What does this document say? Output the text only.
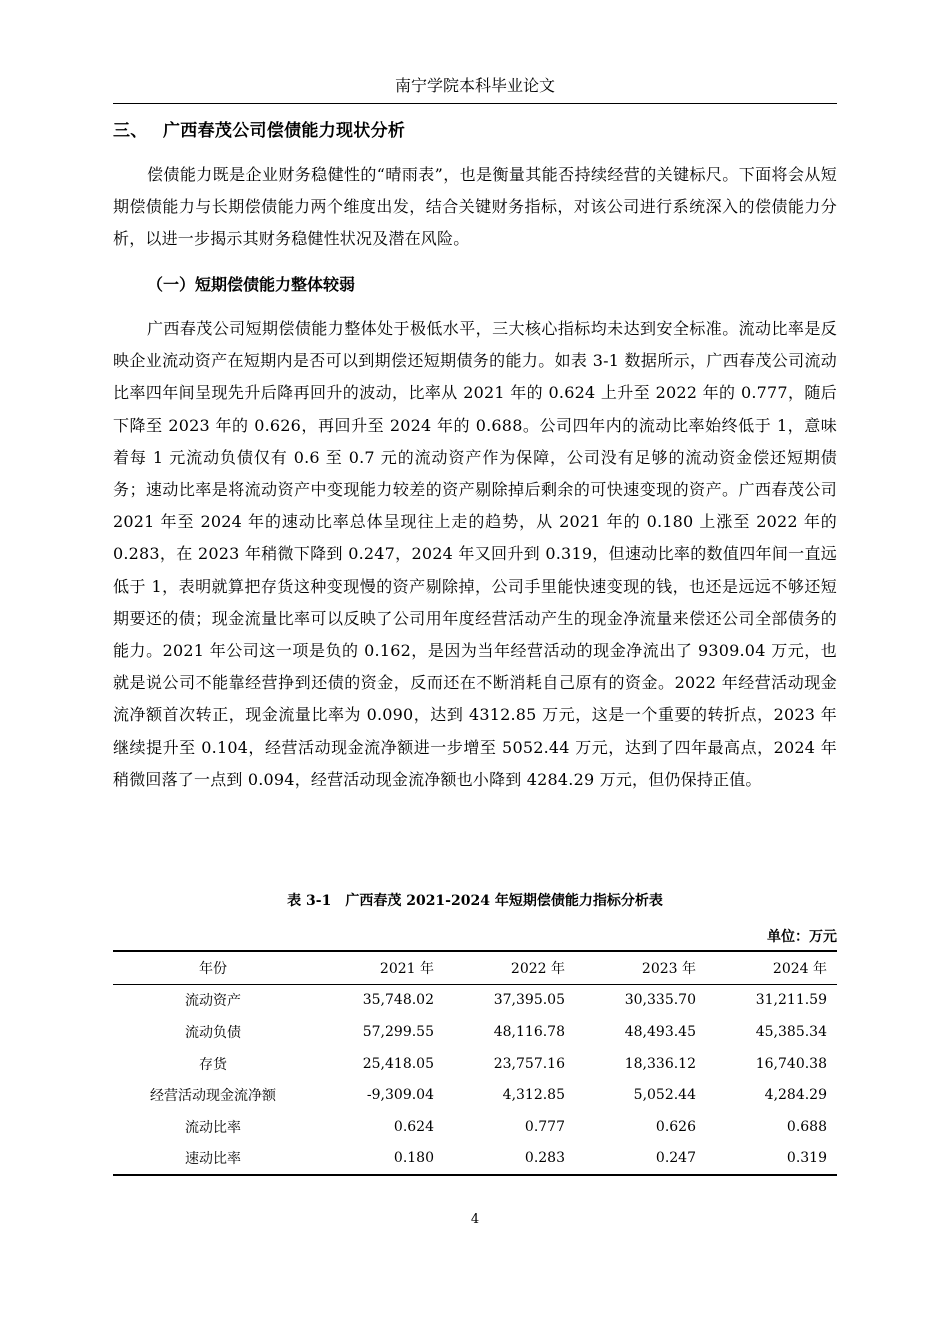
南宁学院本科毕业论文
三、 广西春茂公司偿债能力现状分析

偿债能力既是企业财务稳健性的“晴雨表”，也是衡量其能否持续经营的关键标尺。下面将会从短期偿债能力与长期偿债能力两个维度出发，结合关键财务指标，对该公司进行系统深入的偿债能力分析，以进一步揭示其财务稳健性状况及潜在风险。

（一）短期偿债能力整体较弱

广西春茂公司短期偿债能力整体处于极低水平，三大核心指标均未达到安全标准。流动比率是反映企业流动资产在短期内是否可以到期偿还短期债务的能力。如表 3-1 数据所示，广西春茂公司流动比率四年间呈现先升后降再回升的波动，比率从 2021 年的 0.624 上升至 2022 年的 0.777，随后下降至 2023 年的 0.626，再回升至 2024 年的 0.688。公司四年内的流动比率始终低于 1，意味着每 1 元流动负债仅有 0.6 至 0.7 元的流动资产作为保障，公司没有足够的流动资金偿还短期债务；速动比率是将流动资产中变现能力较差的资产剔除掉后剩余的可快速变现的资产。广西春茂公司 2021 年至 2024 年的速动比率总体呈现往上走的趋势，从 2021 年的 0.180 上涨至 2022 年的 0.283，在 2023 年稍微下降到 0.247，2024 年又回升到 0.319，但速动比率的数值四年间一直远低于 1，表明就算把存货这种变现慢的资产剔除掉，公司手里能快速变现的钱，也还是远远不够还短期要还的债；现金流量比率可以反映了公司用年度经营活动产生的现金净流量来偿还公司全部债务的能力。2021 年公司这一项是负的 0.162，是因为当年经营活动的现金净流出了 9309.04 万元，也就是说公司不能靠经营挣到还债的资金，反而还在不断消耗自己原有的资金。2022 年经营活动现金流净额首次转正，现金流量比率为 0.090，达到 4312.85 万元，这是一个重要的转折点，2023 年继续提升至 0.104，经营活动现金流净额进一步增至 5052.44 万元，达到了四年最高点，2024 年稍微回落了一点到 0.094，经营活动现金流净额也小降到 4284.29 万元，但仍保持正值。

表 3-1　广西春茂 2021-2024 年短期偿债能力指标分析表
单位：万元
年份	2021 年	2022 年	2023 年	2024 年
流动资产	35,748.02	37,395.05	30,335.70	31,211.59
流动负债	57,299.55	48,116.78	48,493.45	45,385.34
存货	25,418.05	23,757.16	18,336.12	16,740.38
经营活动现金流净额	-9,309.04	4,312.85	5,052.44	4,284.29
流动比率	0.624	0.777	0.626	0.688
速动比率	0.180	0.283	0.247	0.319
4
